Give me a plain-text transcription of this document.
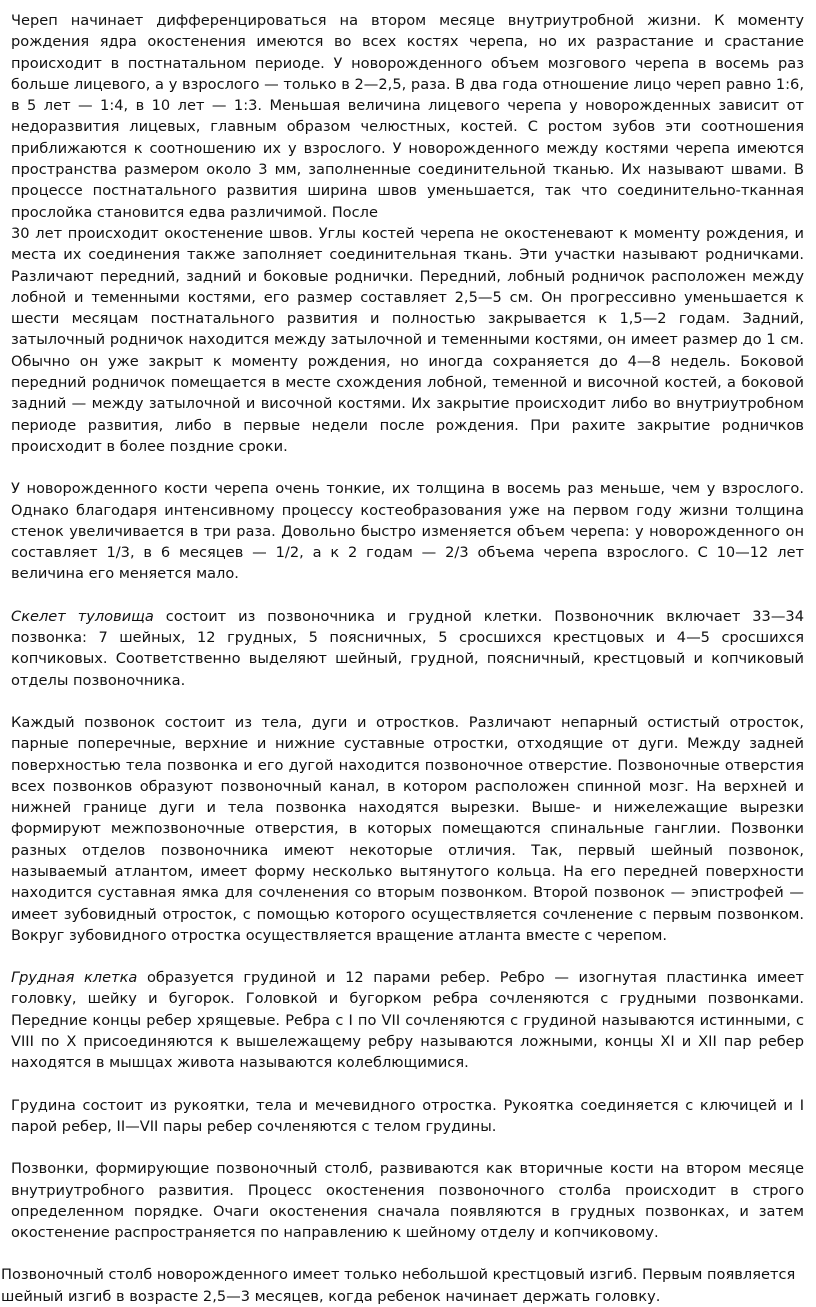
Череп начинает дифференцироваться на втором месяце внутриутробной жизни. К моменту рождения ядра окостенения имеются во всех костях черепа, но их разрастание и срастание происходит в постнатальном периоде. У новорожденного объем мозгового черепа в восемь раз больше лицевого, а у взрослого — только в 2—2,5, раза. В два года отношение лицо череп равно 1:6, в 5 лет — 1:4, в 10 лет — 1:3. Меньшая величина лицевого черепа у новорожденных зависит от недоразвития лицевых, главным образом челюстных, костей. С ростом зубов эти соотношения приближаются к соотношению их у взрослого. У новорожденного между костями черепа имеются пространства размером около 3 мм, заполненные соединительной тканью. Их называют швами. В процессе постнатального развития ширина швов уменьшается, так что соединительно-тканная прослойка становится едва различимой. После

30 лет происходит окостенение швов. Углы костей черепа не окостеневают к моменту рождения, и места их соединения также заполняет соединительная ткань. Эти участки называют родничками. Различают передний, задний и боковые роднички. Передний, лобный родничок расположен между лобной и теменными костями, его размер составляет 2,5—5 см. Он прогрессивно уменьшается к шести месяцам постнатального развития и полностью закрывается к 1,5—2 годам. Задний, затылочный родничок находится между затылочной и теменными костями, он имеет размер до 1 см. Обычно он уже закрыт к моменту рождения, но иногда сохраняется до 4—8 недель. Боковой передний родничок помещается в месте схождения лобной, теменной и височной костей, а боковой задний — между затылочной и височной костями. Их закрытие происходит либо во внутриутробном периоде развития, либо в первые недели после рождения. При рахите закрытие родничков происходит в более поздние сроки.

У новорожденного кости черепа очень тонкие, их толщина в восемь раз меньше, чем у взрослого. Однако благодаря интенсивному процессу костеобразования уже на первом году жизни толщина стенок увеличивается в три раза. Довольно быстро изменяется объем черепа: у новорожденного он составляет 1/3, в 6 месяцев — 1/2, а к 2 годам — 2/3 объема черепа взрослого. С 10—12 лет величина его меняется мало.

Скелет туловища состоит из позвоночника и грудной клетки. Позвоночник включает 33—34 позвонка: 7 шейных, 12 грудных, 5 поясничных, 5 сросшихся крестцовых и 4—5 сросшихся копчиковых. Соответственно выделяют шейный, грудной, поясничный, крестцовый и копчиковый отделы позвоночника.

Каждый позвонок состоит из тела, дуги и отростков. Различают непарный остистый отросток, парные поперечные, верхние и нижние суставные отростки, отходящие от дуги. Между задней поверхностью тела позвонка и его дугой находится позвоночное отверстие. Позвоночные отверстия всех позвонков образуют позвоночный канал, в котором расположен спинной мозг. На верхней и нижней границе дуги и тела позвонка находятся вырезки. Выше- и нижележащие вырезки формируют межпозвоночные отверстия, в которых помещаются спинальные ганглии. Позвонки разных отделов позвоночника имеют некоторые отличия. Так, первый шейный позвонок, называемый атлантом, имеет форму несколько вытянутого кольца. На его передней поверхности находится суставная ямка для сочленения со вторым позвонком. Второй позвонок — эпистрофей — имеет зубовидный отросток, с помощью которого осуществляется сочленение с первым позвонком. Вокруг зубовидного отростка осуществляется вращение атланта вместе с черепом.

Грудная клетка образуется грудиной и 12 парами ребер. Ребро — изогнутая пластинка имеет головку, шейку и бугорок. Головкой и бугорком ребра сочленяются с грудными позвонками. Передние концы ребер хрящевые. Ребра с I по VII сочленяются с грудиной называются истинными, с VIII по X присоединяются к вышележащему ребру называются ложными, концы XI и XII пар ребер находятся в мышцах живота называются колеблющимися.

Грудина состоит из рукоятки, тела и мечевидного отростка. Рукоятка соединяется с ключицей и I парой ребер, II—VII пары ребер сочленяются с телом грудины.

Позвонки, формирующие позвоночный столб, развиваются как вторичные кости на втором месяце внутриутробного развития. Процесс окостенения позвоночного столба происходит в строго определенном порядке. Очаги окостенения сначала появляются в грудных позвонках, и затем окостенение распространяется по направлению к шейному отделу и копчиковому.

Позвоночный столб новорожденного имеет только небольшой крестцовый изгиб. Первым появляется шейный изгиб в возрасте 2,5—3 месяцев, когда ребенок начинает держать головку.
